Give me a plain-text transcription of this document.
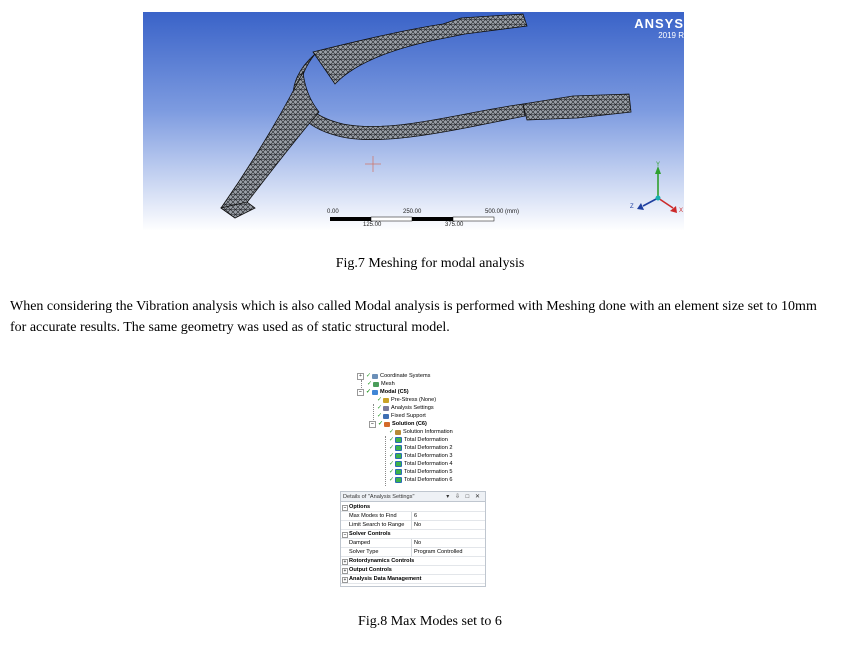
ANSYS
2019 R
0.00	250.00	500.00 (mm)
125.00	375.00
Y
Z
X
Fig.7 Meshing for modal analysis
When considering the Vibration analysis which is also called Modal analysis is performed with Meshing done with an element size set to 10mm for accurate results. The same geometry was used as of static structural model.
+ ✓ Coordinate Systems
✓ Mesh
− ✓ Modal (C5)
✓ Pre-Stress (None)
✓ Analysis Settings
✓ Fixed Support
− ✓ Solution (C6)
✓ Solution Information
✓ Total Deformation
✓ Total Deformation 2
✓ Total Deformation 3
✓ Total Deformation 4
✓ Total Deformation 5
✓ Total Deformation 6
Details of "Analysis Settings"	▾ ⇩ □ ✕
− Options
Max Modes to Find	6
Limit Search to Range	No
− Solver Controls
Damped	No
Solver Type	Program Controlled
+ Rotordynamics Controls
+ Output Controls
+ Analysis Data Management
Fig.8 Max Modes set to 6
